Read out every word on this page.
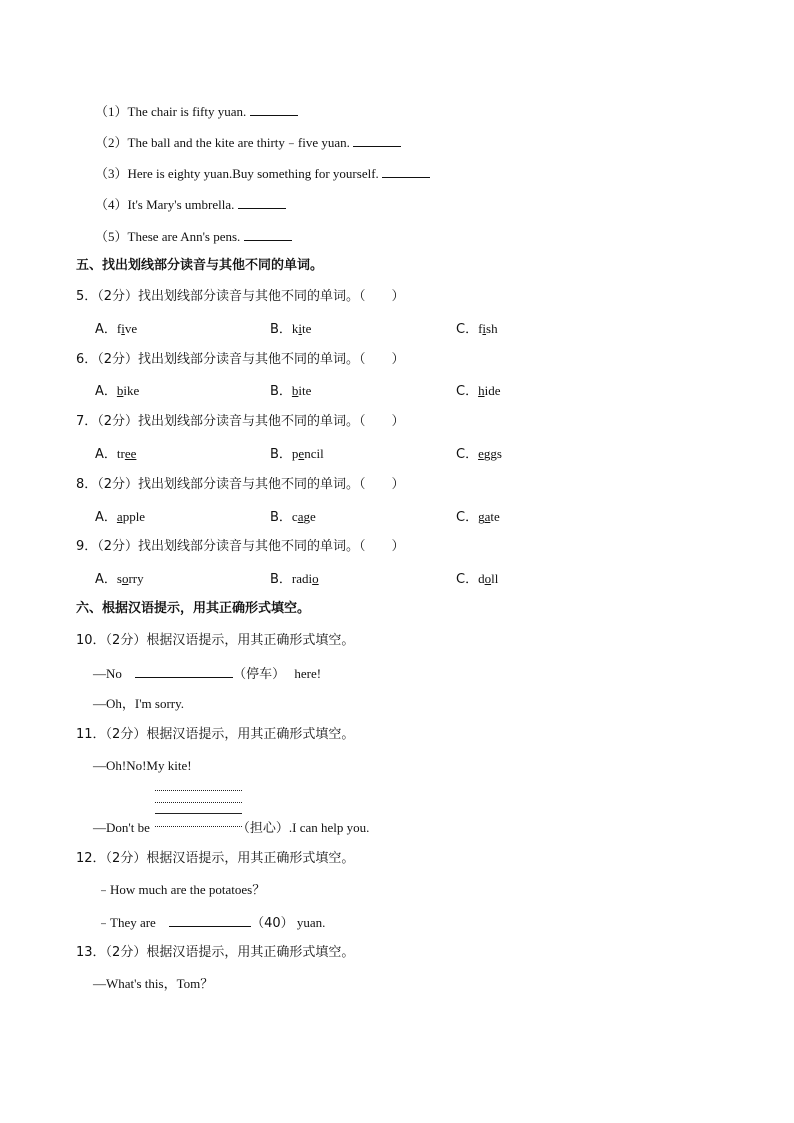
（1）The chair is fifty yuan.
（2）The ball and the kite are thirty﹣five yuan.
（3）Here is eighty yuan.Buy something for yourself.
（4）It's Mary's umbrella.
（5）These are Ann's pens.
五、找出划线部分读音与其他不同的单词。
5．（2分）找出划线部分读音与其他不同的单词。（　　）
A．five	B．kite	C．fish
6．（2分）找出划线部分读音与其他不同的单词。（　　）
A．bike	B．bite	C．hide
7．（2分）找出划线部分读音与其他不同的单词。（　　）
A．tree	B．pencil	C．eggs
8．（2分）找出划线部分读音与其他不同的单词。（　　）
A．apple	B．cage	C．gate
9．（2分）找出划线部分读音与其他不同的单词。（　　）
A．sorry	B．radio	C．doll
六、根据汉语提示，用其正确形式填空。
10．（2分）根据汉语提示，用其正确形式填空。
—No	（停车） here!
—Oh，I'm sorry.
11．（2分）根据汉语提示，用其正确形式填空。
—Oh!No!My kite!
—Don't be	（担心）.I can help you.
12．（2分）根据汉语提示，用其正确形式填空。
﹣How much are the potatoes？
﹣They are	（40） yuan.
13．（2分）根据汉语提示，用其正确形式填空。
—What's this，Tom？
